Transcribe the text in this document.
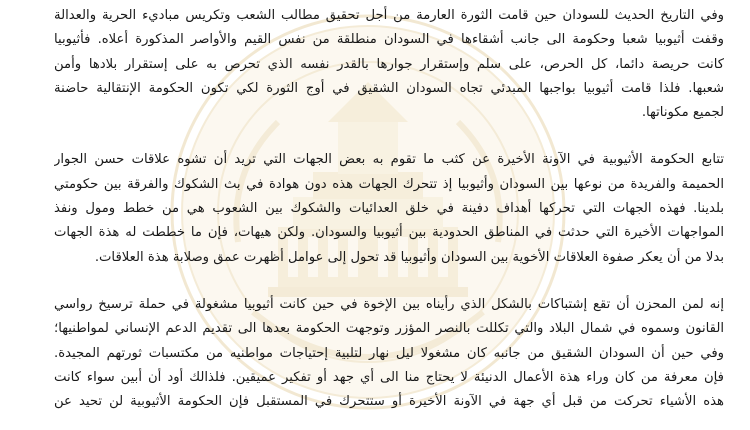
وفي التاريخ الحديث للسودان حين قامت الثورة العارمة من أجل تحقيق مطالب الشعب وتكريس مباديء الحرية والعدالة
وقفت أثيوبيا شعبا وحكومة الى جانب أشقاءها في السودان منطلقة من نفس القيم والأواصر المذكورة أعلاه. فأثيوبيا
كانت حريصة دائما، كل الحرص، على سلم وإستقرار جوارها بالقدر نفسه الذي تحرص به على إستقرار بلادها وأمن
شعبها. فلذا قامت أثيوبيا بواجبها المبدئي تجاه السودان الشقيق في أوج الثورة لكي تكون الحكومة الإنتقالية حاضنة
لجميع مكوناتها.
تتابع الحكومة الأثيوبية في الآونة الأخيرة عن كثب ما تقوم به بعض الجهات التي تريد أن تشوه علاقات حسن الجوار
الحميمة والفريدة من نوعها بين السودان وأثيوبيا إذ تتحرك الجهات هذه دون هوادة في بث الشكوك والفرقة بين حكومتي
بلدينا. فهذه الجهات التي تحركها أهداف دفينة في خلق العدائيات والشكوك بين الشعوب هي من خطط ومول ونفذ
المواجهات الأخيرة التي حدثت في المناطق الحدودية بين أثيوبيا والسودان. ولكن هيهات، فإن ما خططت له هذة الجهات
بدلا من أن يعكر صفوة العلاقات الأخوية بين السودان وأثيوبيا قد تحول إلى عوامل أظهرت عمق وصلابة هذة العلاقات.
إنه لمن المحزن أن تقع إشتباكات بالشكل الذي رأيناه بين الإخوة في حين كانت أثيوبيا مشغولة في حملة ترسيخ رواسي
القانون وسموه في شمال البلاد والتي تكللت بالنصر المؤزر وتوجهت الحكومة بعدها الى تقديم الدعم الإنساني لمواطنيها؛
وفي حين أن السودان الشقيق من جانبه كان مشغولا ليل نهار لتلبية إحتياجات مواطنيه من مكتسبات ثورتهم المجيدة.
فإن معرفة من كان وراء هذة الأعمال الدنيئة لا يحتاج منا الى أي جهد أو تفكير عميقين. فلذالك أود أن أبين سواء كانت
هذه الأشياء تحركت من قبل أي جهة في الآونة الأخيرة أو ستتحرك في المستقبل فإن الحكومة الأثيوبية لن تحيد عن
